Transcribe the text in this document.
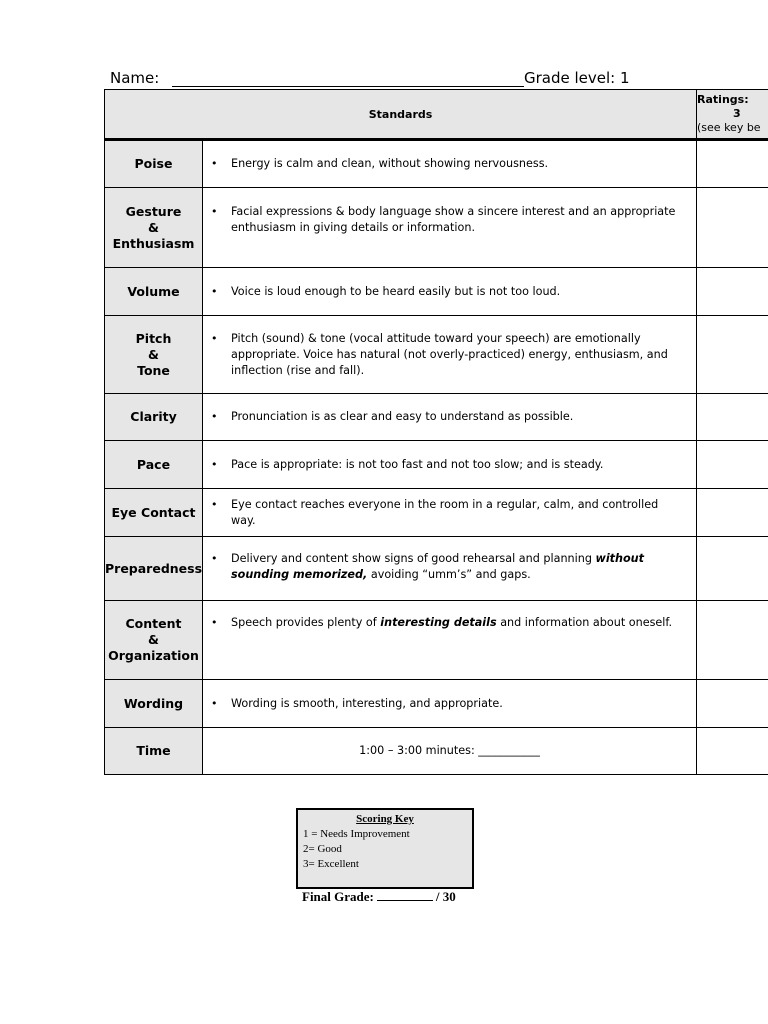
Name:	Grade level: 1
Standards		Ratings:
3
(see key be

Poise	• Energy is calm and clean, without showing nervousness.	

Gesture
&
Enthusiasm	• Facial expressions & body language show a sincere interest and an appropriate enthusiasm in giving details or information.	

Volume	• Voice is loud enough to be heard easily but is not too loud.	

Pitch
&
Tone	• Pitch (sound) & tone (vocal attitude toward your speech) are emotionally appropriate. Voice has natural (not overly-practiced) energy, enthusiasm, and inflection (rise and fall).	

Clarity	• Pronunciation is as clear and easy to understand as possible.	

Pace	• Pace is appropriate: is not too fast and not too slow; and is steady.	

Eye Contact	• Eye contact reaches everyone in the room in a regular, calm, and controlled way.	

Preparedness	• Delivery and content show signs of good rehearsal and planning without sounding memorized, avoiding “umm’s” and gaps.	

Content
&
Organization	• Speech provides plenty of interesting details and information about oneself.	

Wording	• Wording is smooth, interesting, and appropriate.	

Time	1:00 – 3:00 minutes: ___________	
Scoring Key
1 = Needs Improvement
2= Good
3= Excellent
Final Grade:	/ 30
